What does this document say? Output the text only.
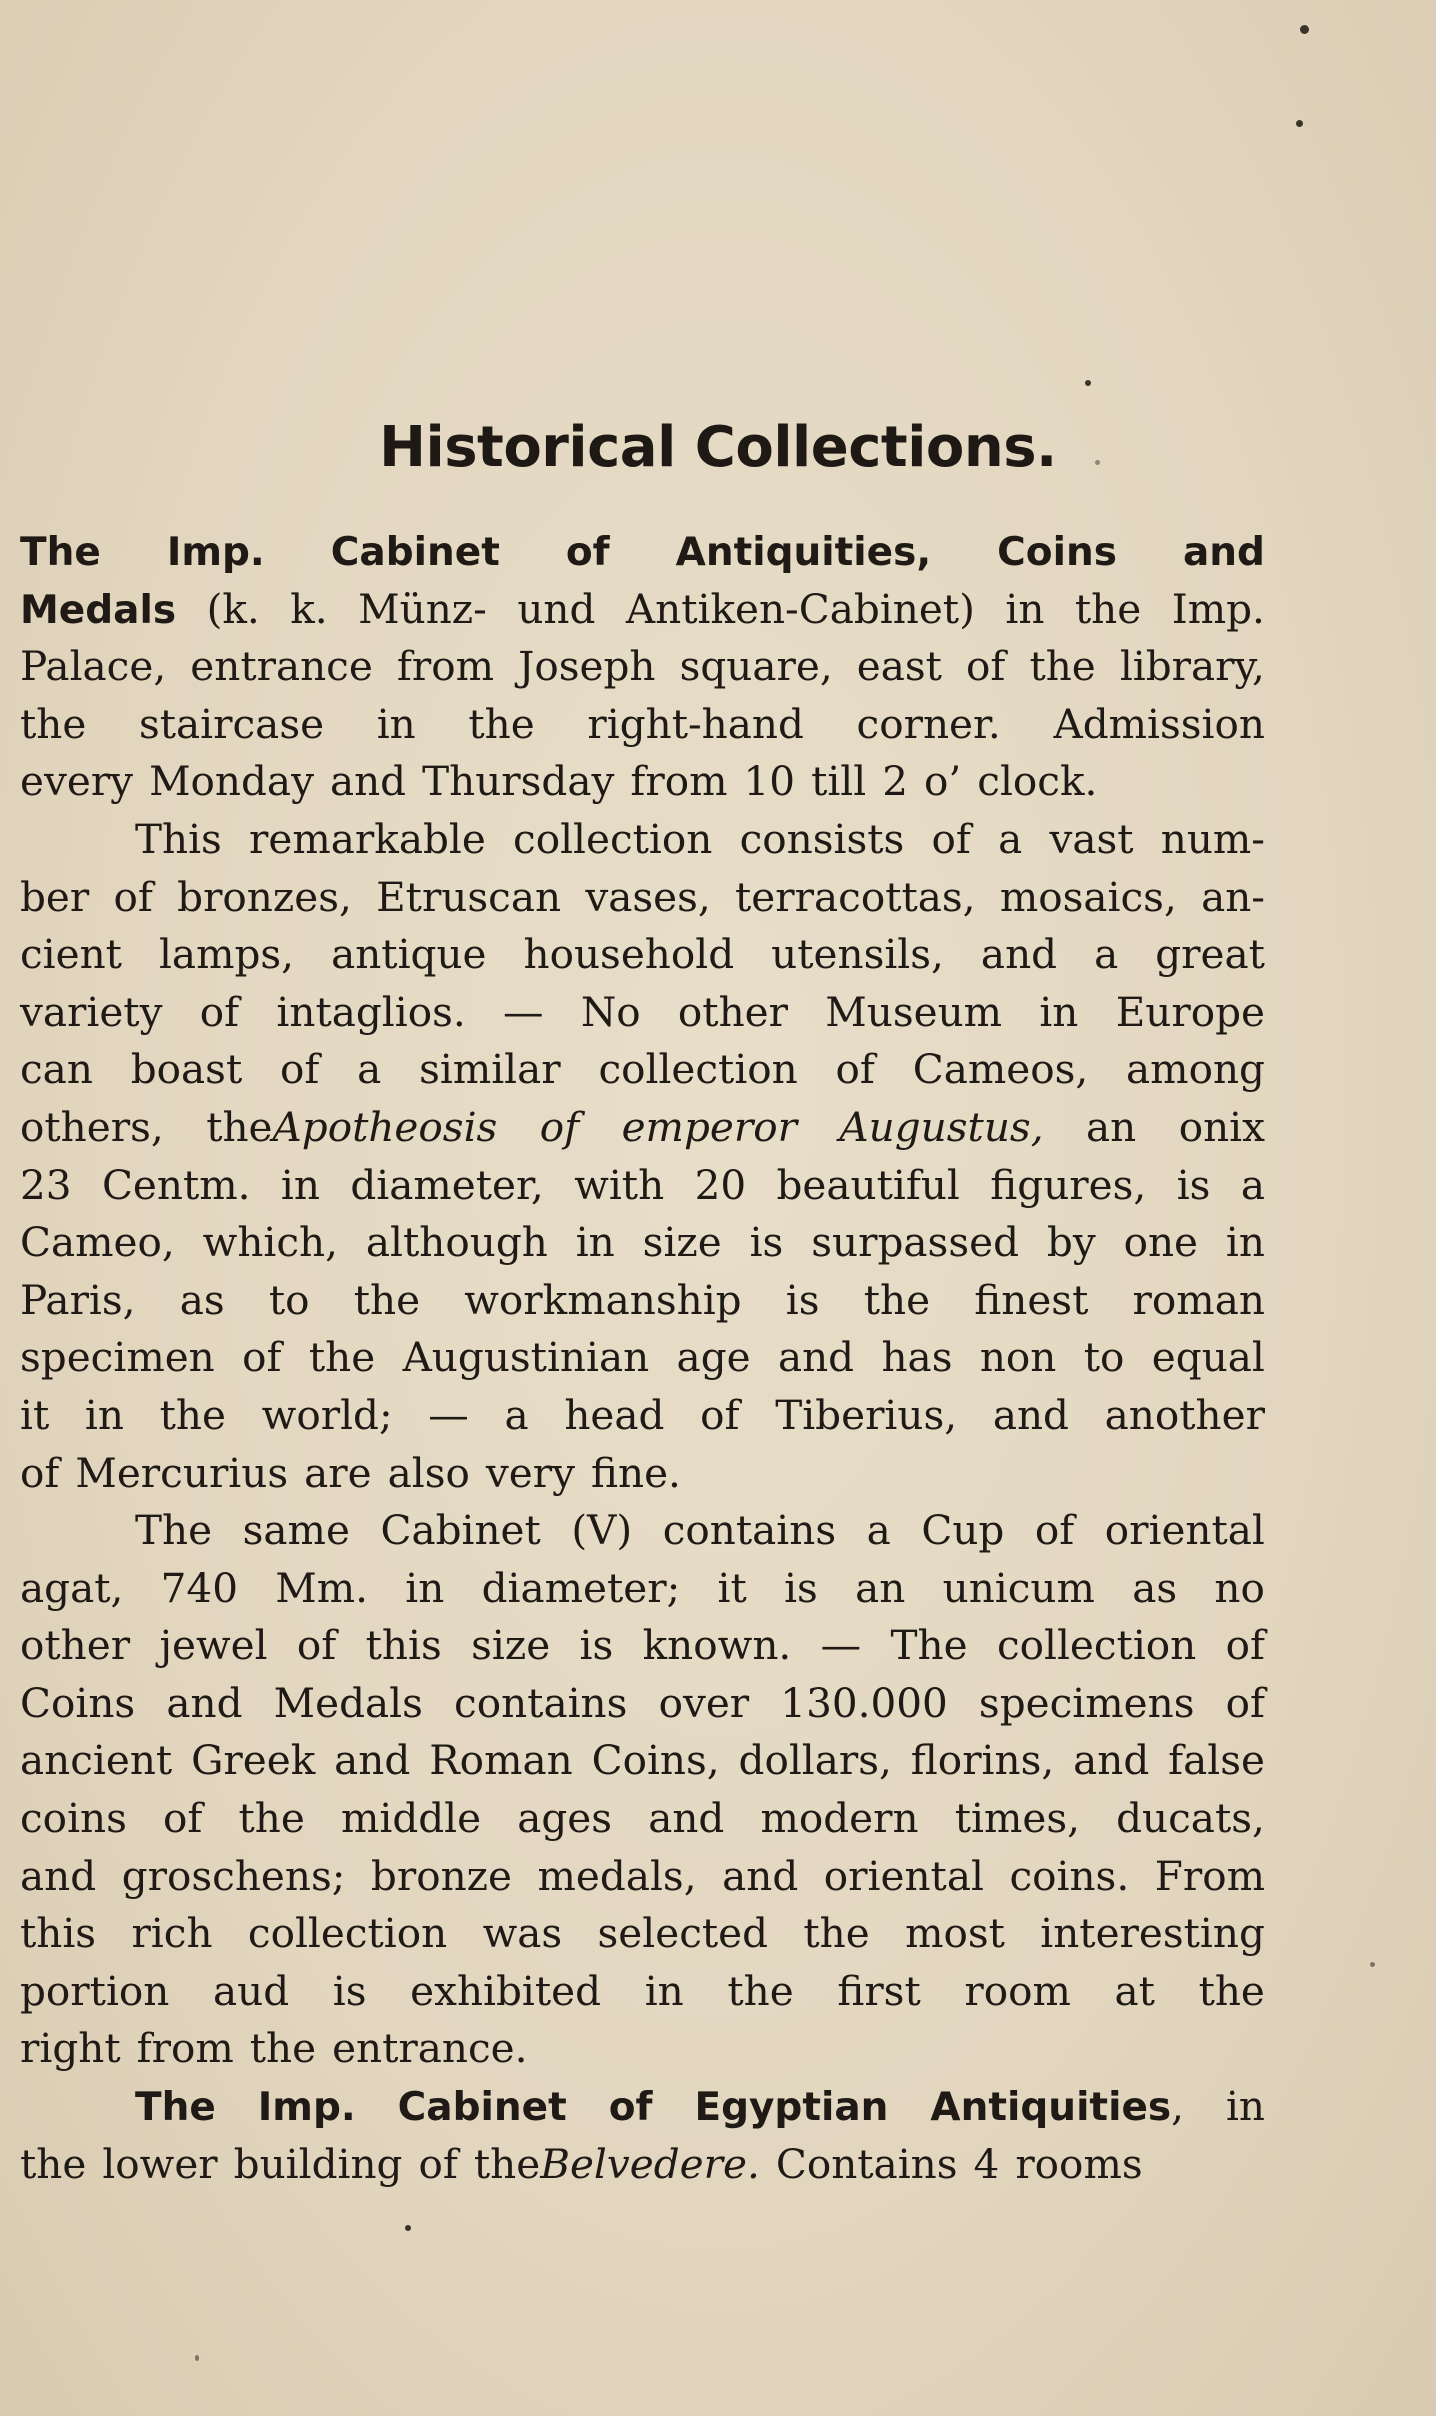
Historical Collections.
The Imp. Cabinet of Antiquities, Coins and
Medals (k. k. Münz- und Antiken-Cabinet) in the Imp.
Palace, entrance from Joseph square, east of the library,
the staircase in the right-hand corner. Admission
every Monday and Thursday from 10 till 2 o’ clock.
This remarkable collection consists of a vast num-
ber of bronzes, Etruscan vases, terracottas, mosaics, an-
cient lamps, antique household utensils, and a great
variety of intaglios. — No other Museum in Europe
can boast of a similar collection of Cameos, among
others, theApotheosis of emperor Augustus, an onix
23 Centm. in diameter, with 20 beautiful figures, is a
Cameo, which, although in size is surpassed by one in
Paris, as to the workmanship is the finest roman
specimen of the Augustinian age and has non to equal
it in the world; — a head of Tiberius, and another
of Mercurius are also very fine.
The same Cabinet (V) contains a Cup of oriental
agat, 740 Mm. in diameter; it is an unicum as no
other jewel of this size is known. — The collection of
Coins and Medals contains over 130.000 specimens of
ancient Greek and Roman Coins, dollars, florins, and false
coins of the middle ages and modern times, ducats,
and groschens; bronze medals, and oriental coins. From
this rich collection was selected the most interesting
portion aud is exhibited in the first room at the
right from the entrance.
The Imp. Cabinet of Egyptian Antiquities, in
the lower building of theBelvedere. Contains 4 rooms
